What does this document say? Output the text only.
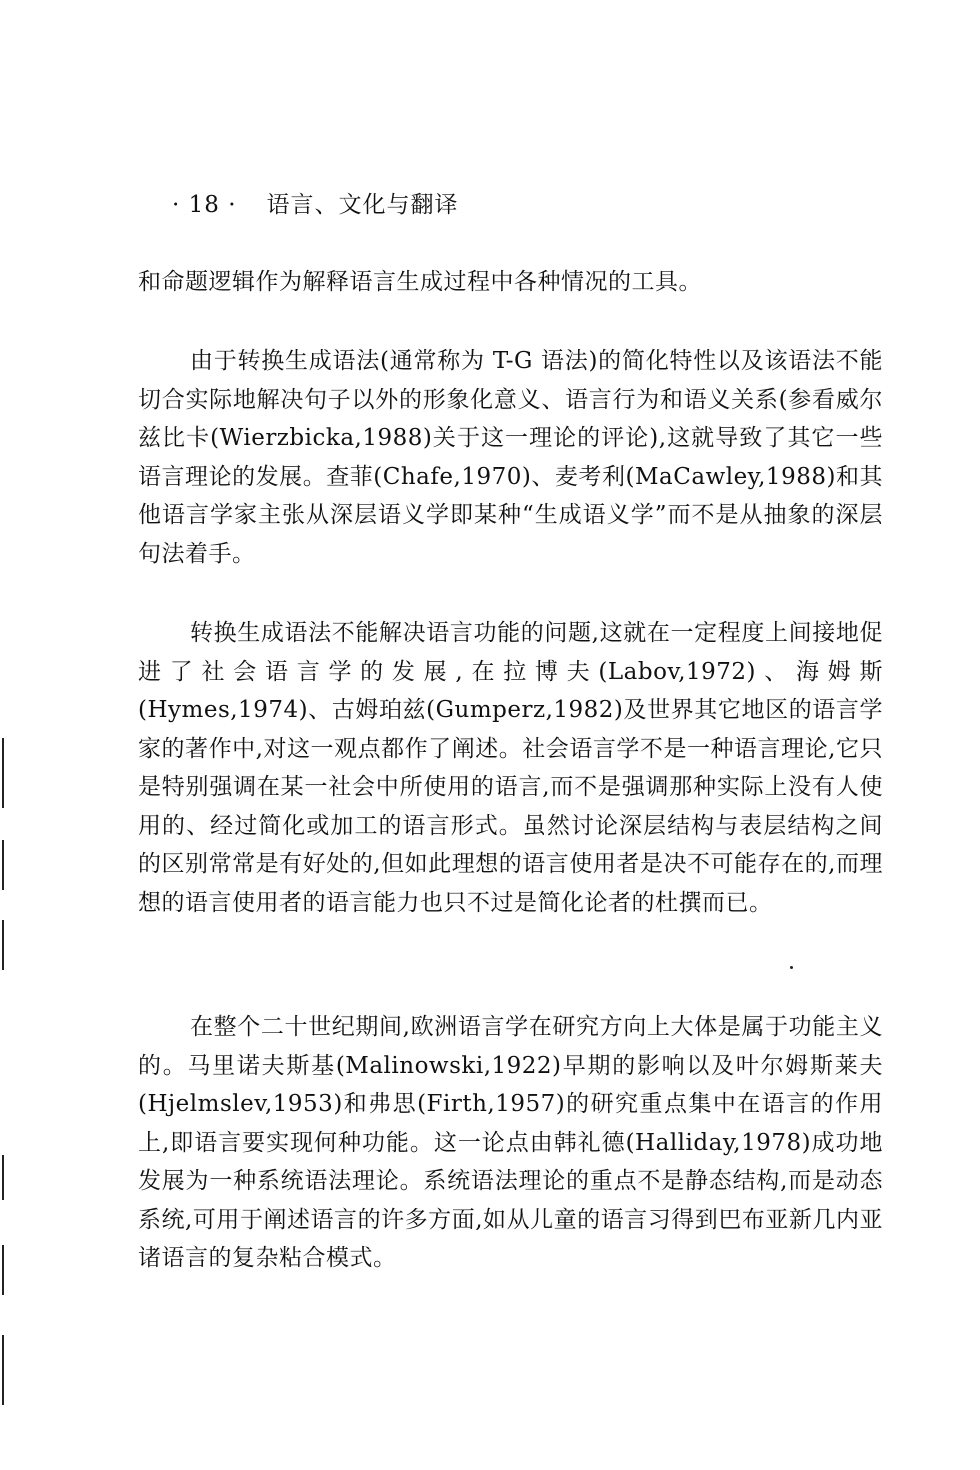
· 18 · 语言、文化与翻译
和命题逻辑作为解释语言生成过程中各种情况的工具。
由于转换生成语法(通常称为 T-G 语法)的简化特性以及该语法不能切合实际地解决句子以外的形象化意义、语言行为和语义关系(参看威尔兹比卡(Wierzbicka,1988)关于这一理论的评论),这就导致了其它一些语言理论的发展。查菲(Chafe,1970)、麦考利(MaCawley,1988)和其他语言学家主张从深层语义学即某种“生成语义学”而不是从抽象的深层句法着手。
转换生成语法不能解决语言功能的问题,这就在一定程度上间接地促进了社会语言学的发展,在拉博夫(Labov,1972)、海姆斯(Hymes,1974)、古姆珀兹(Gumperz,1982)及世界其它地区的语言学家的著作中,对这一观点都作了阐述。社会语言学不是一种语言理论,它只是特别强调在某一社会中所使用的语言,而不是强调那种实际上没有人使用的、经过简化或加工的语言形式。虽然讨论深层结构与表层结构之间的区别常常是有好处的,但如此理想的语言使用者是决不可能存在的,而理想的语言使用者的语言能力也只不过是简化论者的杜撰而已。
在整个二十世纪期间,欧洲语言学在研究方向上大体是属于功能主义的。马里诺夫斯基(Malinowski,1922)早期的影响以及叶尔姆斯莱夫(Hjelmslev,1953)和弗思(Firth,1957)的研究重点集中在语言的作用上,即语言要实现何种功能。这一论点由韩礼德(Halliday,1978)成功地发展为一种系统语法理论。系统语法理论的重点不是静态结构,而是动态系统,可用于阐述语言的许多方面,如从儿童的语言习得到巴布亚新几内亚诸语言的复杂粘合模式。
